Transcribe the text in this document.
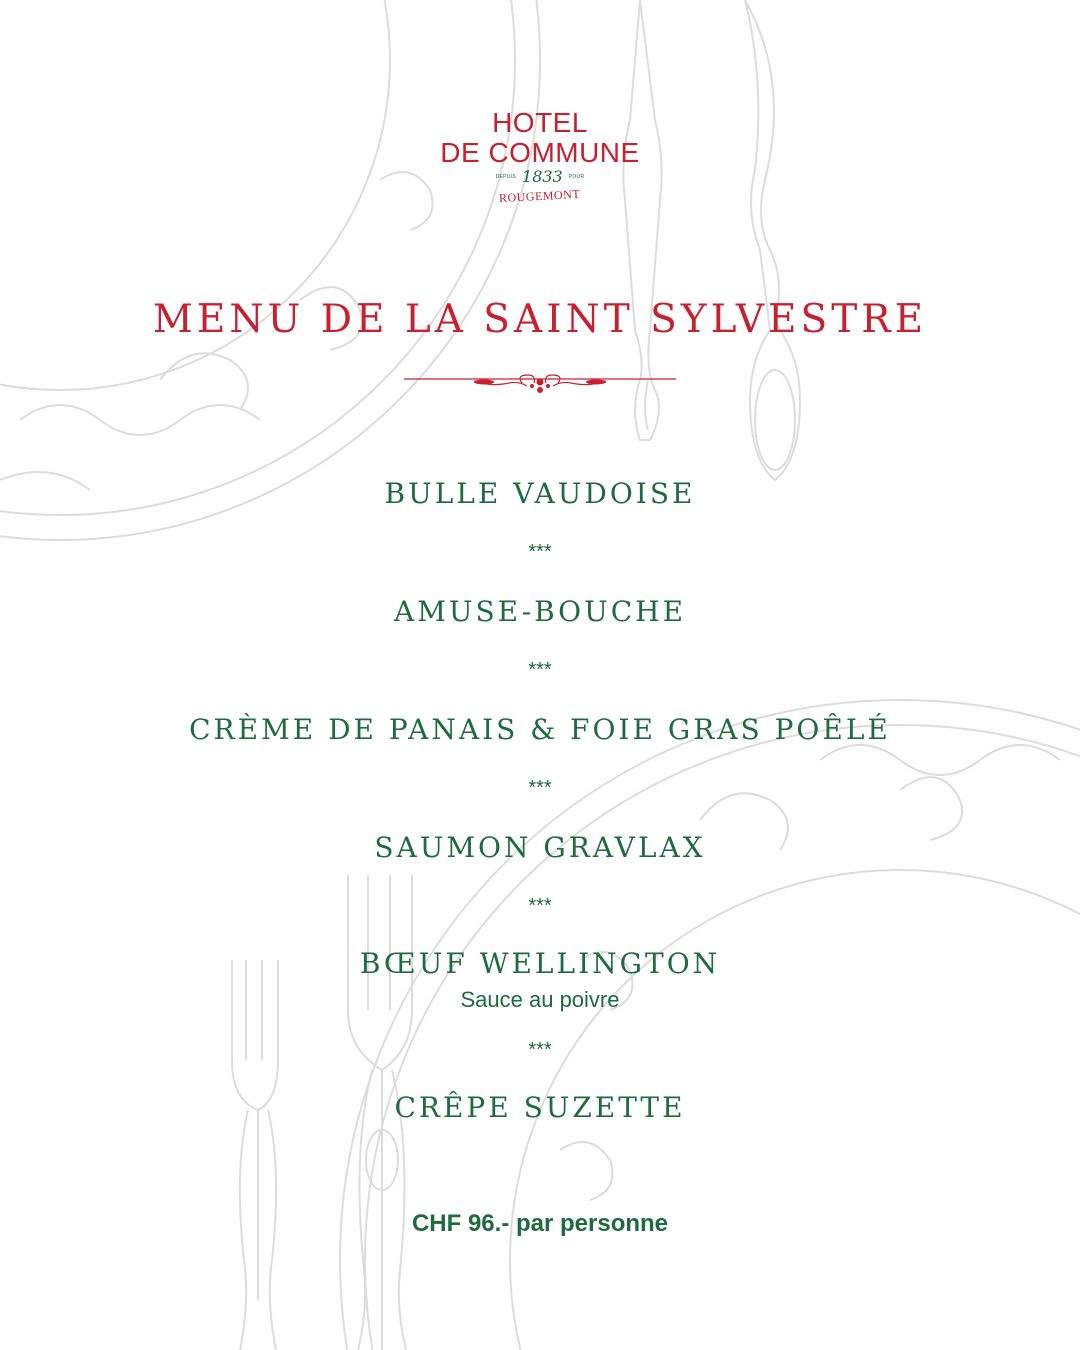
HOTEL
DE COMMUNE
DEPUIS 1833 POUR
ROUGEMONT
MENU DE LA SAINT SYLVESTRE
BULLE VAUDOISE
***
AMUSE-BOUCHE
***
CRÈME DE PANAIS & FOIE GRAS POÊLÉ
***
SAUMON GRAVLAX
***
BŒUF WELLINGTON
Sauce au poivre
***
CRÊPE SUZETTE
CHF 96.- par personne
